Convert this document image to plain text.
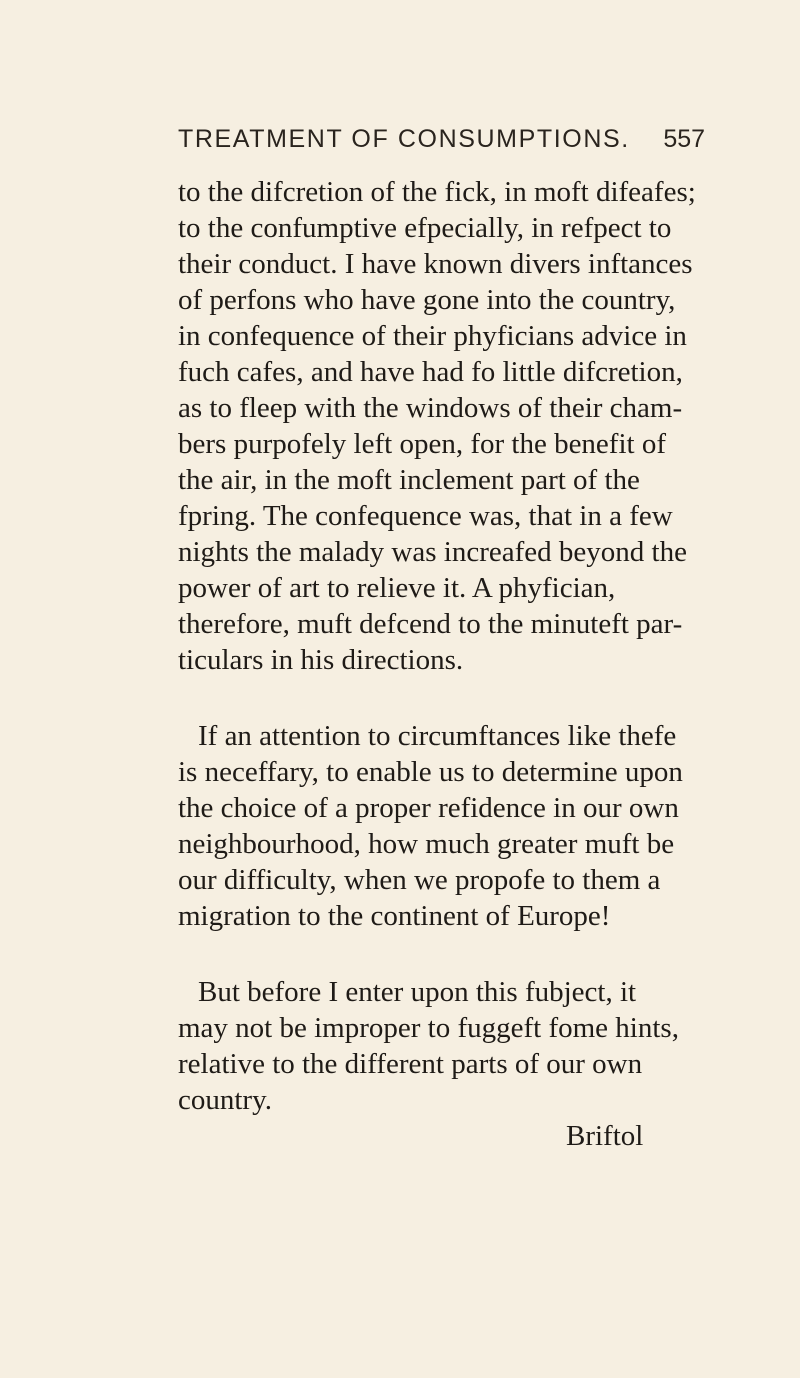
TREATMENT OF CONSUMPTIONS. 557
to the difcretion of the fick, in moft difeafes;
to the confumptive efpecially, in refpect to
their conduct. I have known divers inftances
of perfons who have gone into the country,
in confequence of their phyficians advice in
fuch cafes, and have had fo little difcretion,
as to fleep with the windows of their cham-
bers purpofely left open, for the benefit of
the air, in the moft inclement part of the
fpring. The confequence was, that in a few
nights the malady was increafed beyond the
power of art to relieve it. A phyfician,
therefore, muft defcend to the minuteft par-
ticulars in his directions.
If an attention to circumftances like thefe
is neceffary, to enable us to determine upon
the choice of a proper refidence in our own
neighbourhood, how much greater muft be
our difficulty, when we propofe to them a
migration to the continent of Europe!
But before I enter upon this fubject, it
may not be improper to fuggeft fome hints,
relative to the different parts of our own
country.
Briftol
